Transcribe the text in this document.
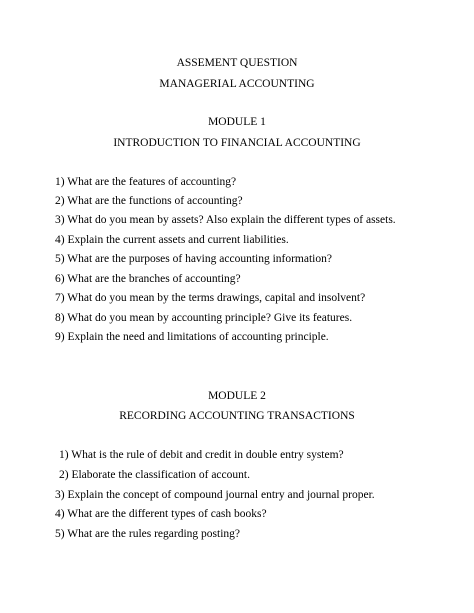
ASSEMENT QUESTION
MANAGERIAL ACCOUNTING
MODULE 1
INTRODUCTION TO FINANCIAL ACCOUNTING
1) What are the features of accounting?
2) What are the functions of accounting?
3) What do you mean by assets? Also explain the different types of assets.
4) Explain the current assets and current liabilities.
5) What are the purposes of having accounting information?
6) What are the branches of accounting?
7) What do you mean by the terms drawings, capital and insolvent?
8) What do you mean by accounting principle? Give its features.
9) Explain the need and limitations of accounting principle.
MODULE 2
RECORDING ACCOUNTING TRANSACTIONS
1) What is the rule of debit and credit in double entry system?
2) Elaborate the classification of account.
3) Explain the concept of compound journal entry and journal proper.
4) What are the different types of cash books?
5) What are the rules regarding posting?
